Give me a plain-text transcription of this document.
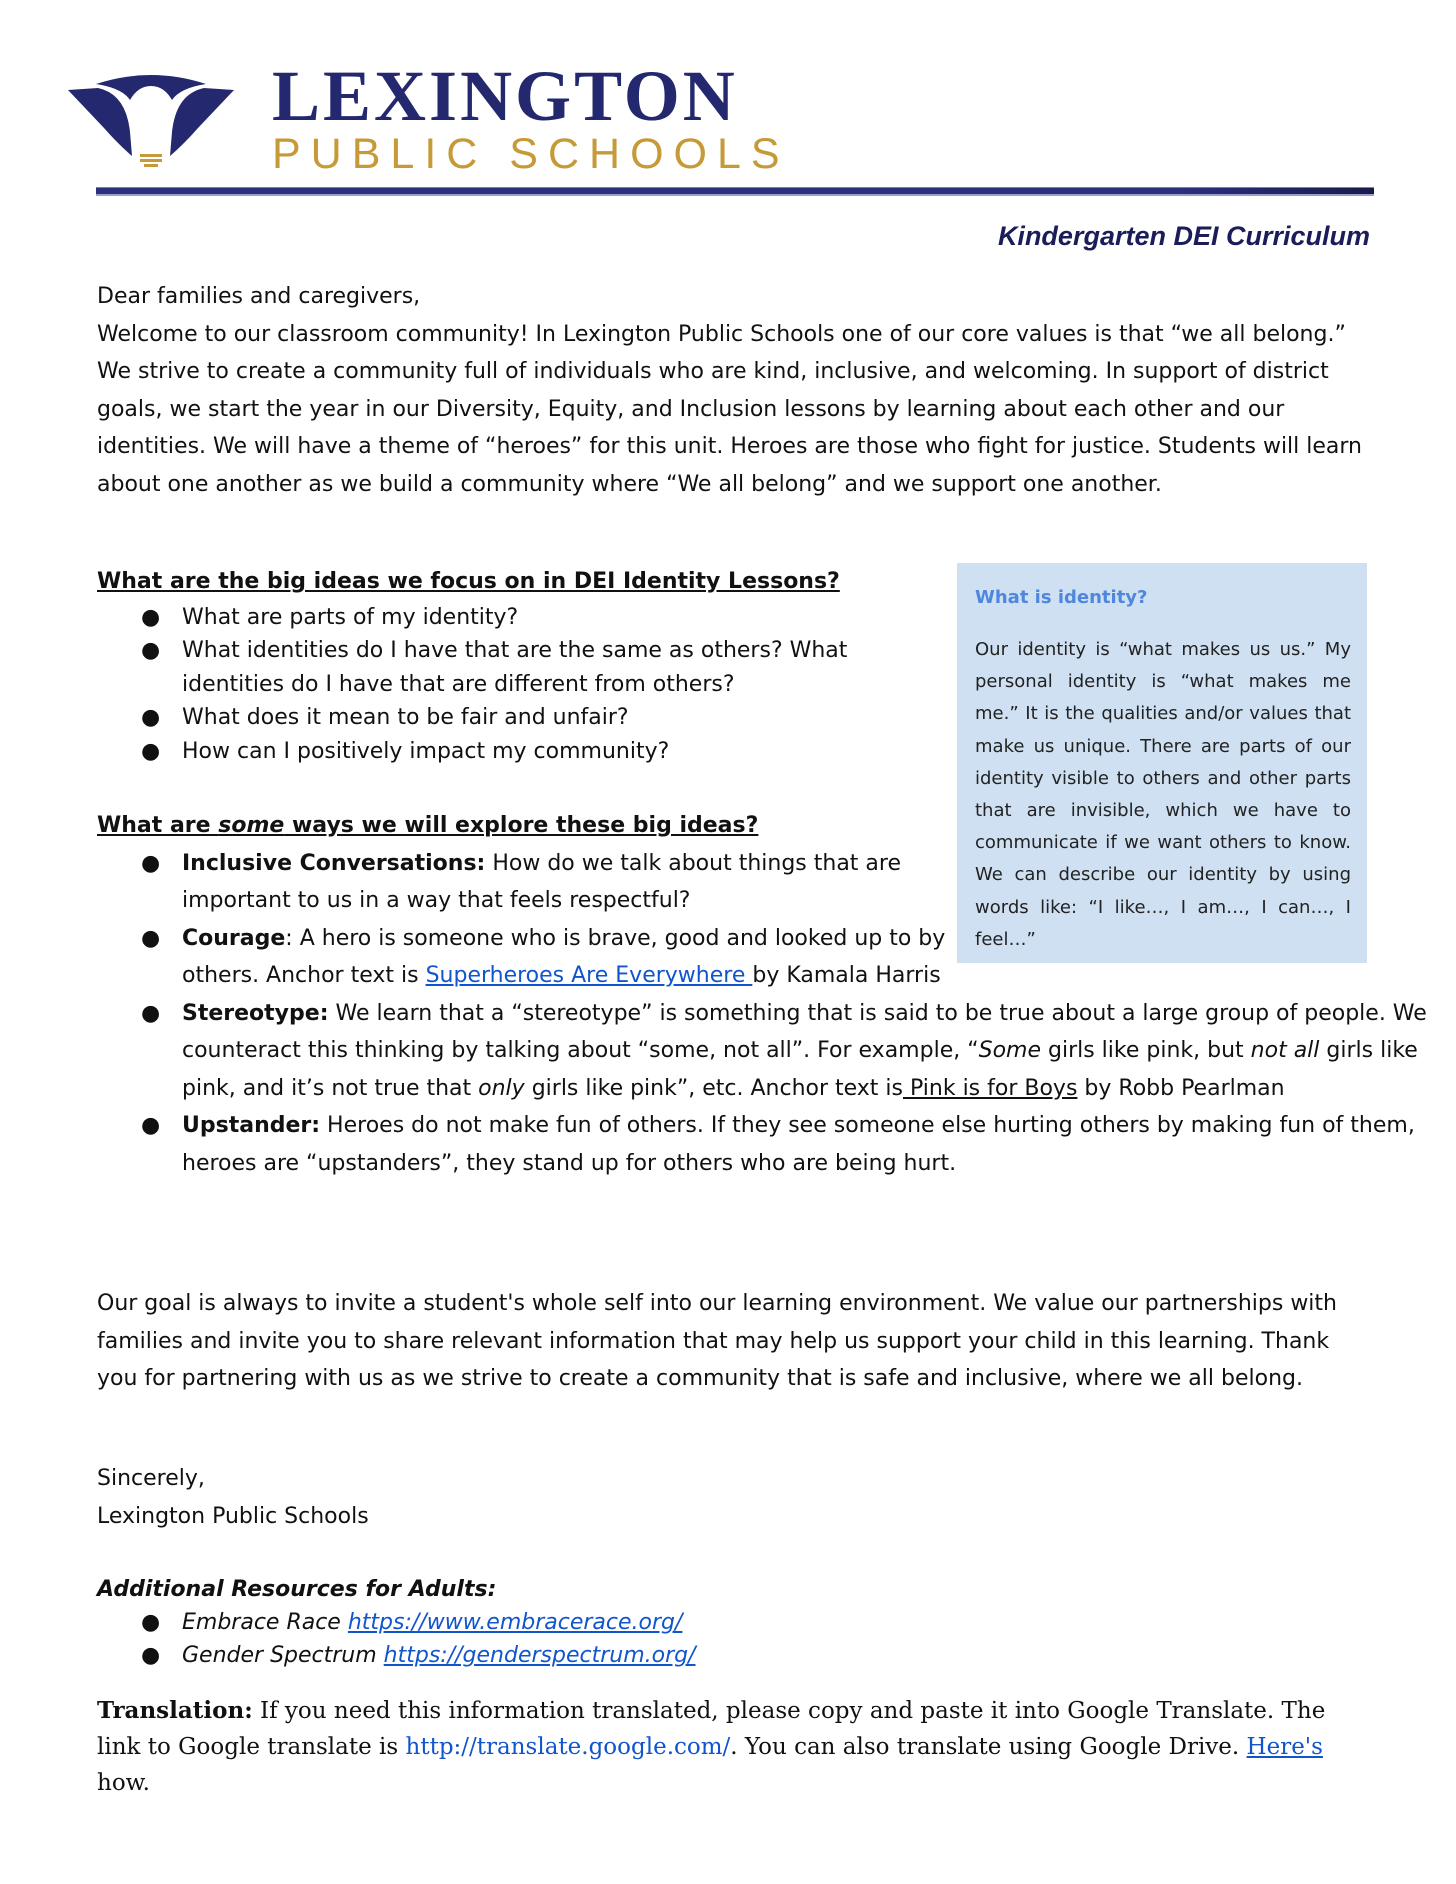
LEXINGTON
PUBLIC SCHOOLS
Kindergarten DEI Curriculum

Dear families and caregivers,

Welcome to our classroom community! In Lexington Public Schools one of our core values is that “we all belong.” We strive to create a community full of individuals who are kind, inclusive, and welcoming. In support of district goals, we start the year in our Diversity, Equity, and Inclusion lessons by learning about each other and our identities. We will have a theme of “heroes” for this unit. Heroes are those who fight for justice. Students will learn about one another as we build a community where “We all belong” and we support one another.

What are the big ideas we focus on in DEI Identity Lessons?

● What are parts of my identity?
● What identities do I have that are the same as others? What identities do I have that are different from others?
● What does it mean to be fair and unfair?
● How can I positively impact my community?
What is identity?

Our identity is “what makes us us.” My personal identity is “what makes me me.” It is the qualities and/or values that make us unique. There are parts of our identity visible to others and other parts that are invisible, which we have to communicate if we want others to know. We can describe our identity by using words like: “I like…, I am…, I can…, I feel…”

What are some ways we will explore these big ideas?

● Inclusive Conversations: How do we talk about things that are important to us in a way that feels respectful?
● Courage: A hero is someone who is brave, good and looked up to by others. Anchor text is Superheroes Are Everywhere by Kamala Harris
● Stereotype: We learn that a “stereotype” is something that is said to be true about a large group of people. We counteract this thinking by talking about “some, not all”. For example, “Some girls like pink, but not all girls like pink, and it’s not true that only girls like pink”, etc. Anchor text is Pink is for Boys by Robb Pearlman
● Upstander: Heroes do not make fun of others. If they see someone else hurting others by making fun of them, heroes are “upstanders”, they stand up for others who are being hurt.

Our goal is always to invite a student's whole self into our learning environment. We value our partnerships with families and invite you to share relevant information that may help us support your child in this learning. Thank you for partnering with us as we strive to create a community that is safe and inclusive, where we all belong.

Sincerely,

Lexington Public Schools

Additional Resources for Adults:
● Embrace Race https://www.embracerace.org/
● Gender Spectrum https://genderspectrum.org/
Translation: If you need this information translated, please copy and paste it into Google Translate. The link to Google translate is http://translate.google.com/. You can also translate using Google Drive. Here's how.
